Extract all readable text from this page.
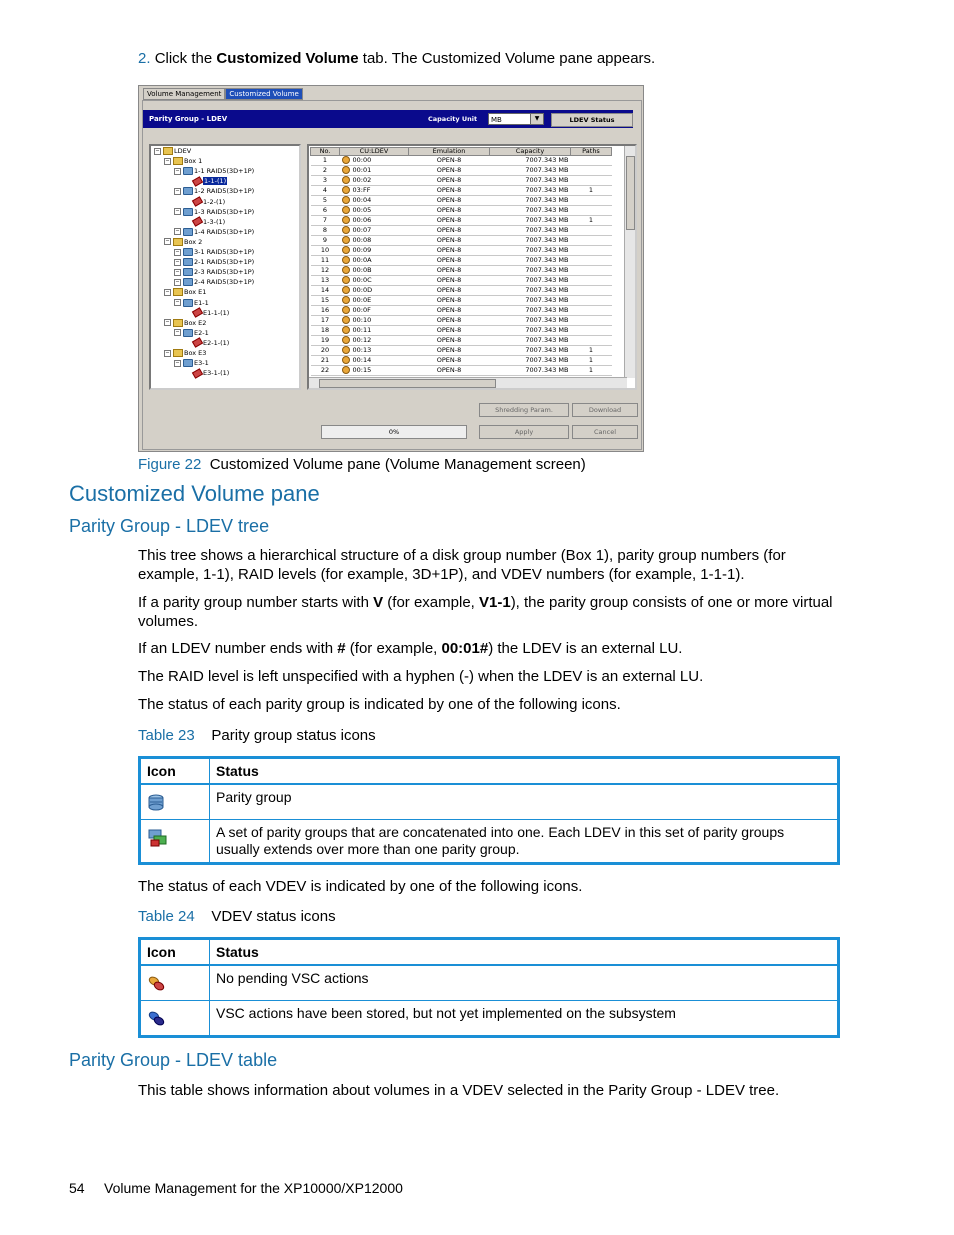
2. Click the Customized Volume tab. The Customized Volume pane appears.
Volume Management	Customized Volume
Parity Group - LDEV	Capacity Unit	MB	▼	LDEV Status
− LDEV
− Box 1
− 1-1 RAID5(3D+1P)
1-1-(1)
− 1-2 RAID5(3D+1P)
1-2-(1)
− 1-3 RAID5(3D+1P)
1-3-(1)
− 1-4 RAID5(3D+1P)
− Box 2
− 3-1 RAID5(3D+1P)
− 2-1 RAID5(3D+1P)
− 2-3 RAID5(3D+1P)
− 2-4 RAID5(3D+1P)
− Box E1
− E1-1
E1-1-(1)
− Box E2
− E2-1
E2-1-(1)
− Box E3
− E3-1
E3-1-(1)
No.	CU:LDEV	Emulation	Capacity	Paths
1	00:00	OPEN-8	7007.343 MB	
2	00:01	OPEN-8	7007.343 MB	
3	00:02	OPEN-8	7007.343 MB	
4	03:FF	OPEN-8	7007.343 MB	1
5	00:04	OPEN-8	7007.343 MB	
6	00:05	OPEN-8	7007.343 MB	
7	00:06	OPEN-8	7007.343 MB	1
8	00:07	OPEN-8	7007.343 MB	
9	00:08	OPEN-8	7007.343 MB	
10	00:09	OPEN-8	7007.343 MB	
11	00:0A	OPEN-8	7007.343 MB	
12	00:0B	OPEN-8	7007.343 MB	
13	00:0C	OPEN-8	7007.343 MB	
14	00:0D	OPEN-8	7007.343 MB	
15	00:0E	OPEN-8	7007.343 MB	
16	00:0F	OPEN-8	7007.343 MB	
17	00:10	OPEN-8	7007.343 MB	
18	00:11	OPEN-8	7007.343 MB	
19	00:12	OPEN-8	7007.343 MB	
20	00:13	OPEN-8	7007.343 MB	1
21	00:14	OPEN-8	7007.343 MB	1
22	00:15	OPEN-8	7007.343 MB	1
Shredding Param.	Download
0%	Apply	Cancel
Figure 22 Customized Volume pane (Volume Management screen)
Customized Volume pane
Parity Group - LDEV tree
This tree shows a hierarchical structure of a disk group number (Box 1), parity group numbers (for example, 1-1), RAID levels (for example, 3D+1P), and VDEV numbers (for example, 1-1-1).
If a parity group number starts with V (for example, V1-1), the parity group consists of one or more virtual volumes.
If an LDEV number ends with # (for example, 00:01#) the LDEV is an external LU.
The RAID level is left unspecified with a hyphen (-) when the LDEV is an external LU.
The status of each parity group is indicated by one of the following icons.
Table 23 Parity group status icons
Icon	Status
	Parity group
	A set of parity groups that are concatenated into one. Each LDEV in this set of parity groups usually extends over more than one parity group.
The status of each VDEV is indicated by one of the following icons.
Table 24 VDEV status icons
Icon	Status
	No pending VSC actions
	VSC actions have been stored, but not yet implemented on the subsystem
Parity Group - LDEV table
This table shows information about volumes in a VDEV selected in the Parity Group - LDEV tree.
54 Volume Management for the XP10000/XP12000
